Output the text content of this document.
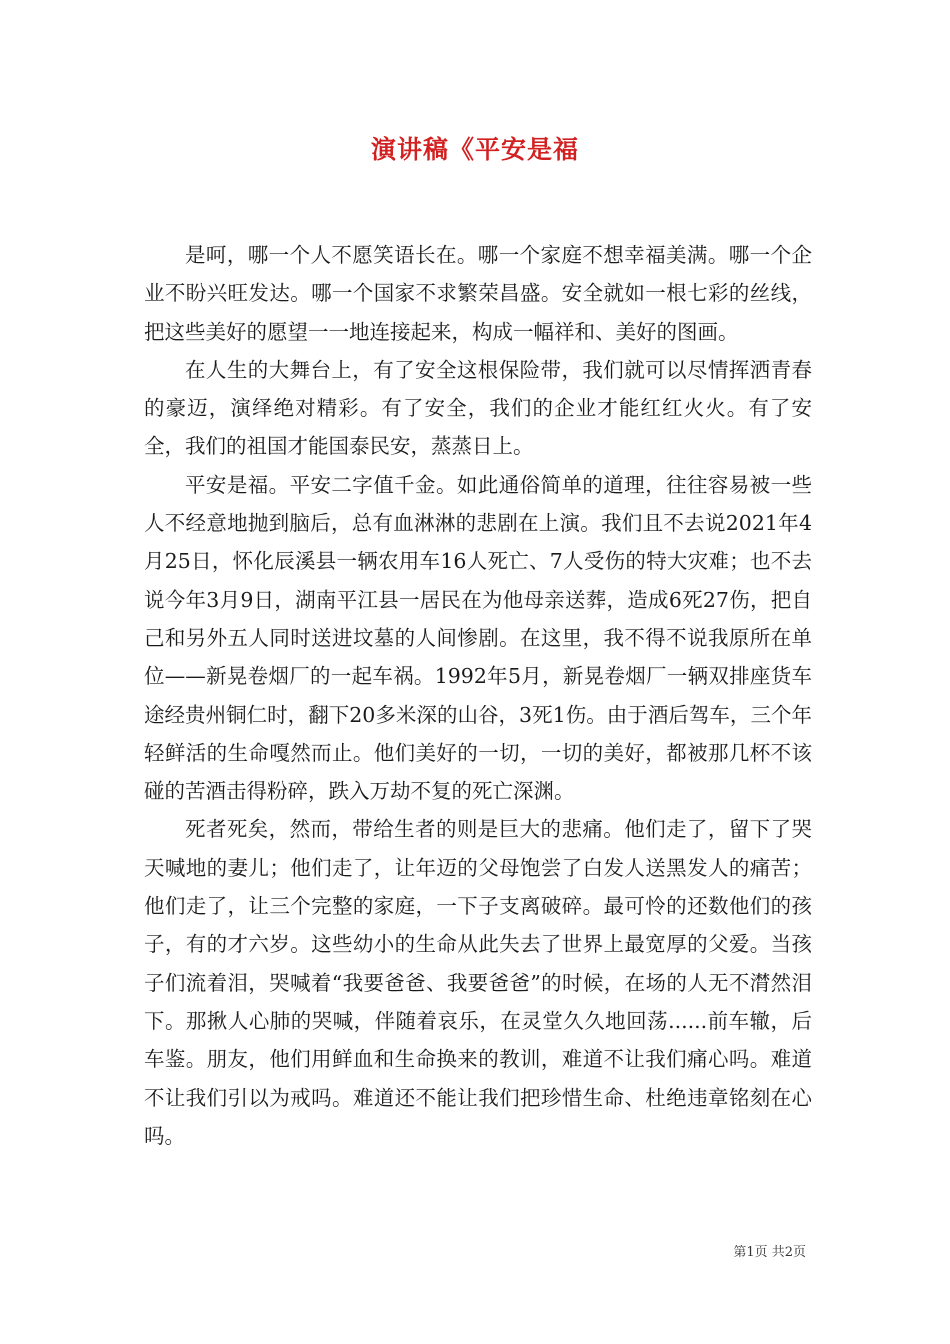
演讲稿《平安是福

是呵，哪一个人不愿笑语长在。哪一个家庭不想幸福美满。哪一个企业不盼兴旺发达。哪一个国家不求繁荣昌盛。安全就如一根七彩的丝线，把这些美好的愿望一一地连接起来，构成一幅祥和、美好的图画。

在人生的大舞台上，有了安全这根保险带，我们就可以尽情挥洒青春的豪迈，演绎绝对精彩。有了安全，我们的企业才能红红火火。有了安全，我们的祖国才能国泰民安，蒸蒸日上。

平安是福。平安二字值千金。如此通俗简单的道理，往往容易被一些人不经意地抛到脑后，总有血淋淋的悲剧在上演。我们且不去说2021年4月25日，怀化辰溪县一辆农用车16人死亡、7人受伤的特大灾难；也不去说今年3月9日，湖南平江县一居民在为他母亲送葬，造成6死27伤，把自己和另外五人同时送进坟墓的人间惨剧。在这里，我不得不说我原所在单位——新晃卷烟厂的一起车祸。1992年5月，新晃卷烟厂一辆双排座货车途经贵州铜仁时，翻下20多米深的山谷，3死1伤。由于酒后驾车，三个年轻鲜活的生命嘎然而止。他们美好的一切，一切的美好，都被那几杯不该碰的苦酒击得粉碎，跌入万劫不复的死亡深渊。

死者死矣，然而，带给生者的则是巨大的悲痛。他们走了，留下了哭天喊地的妻儿；他们走了，让年迈的父母饱尝了白发人送黑发人的痛苦；他们走了，让三个完整的家庭，一下子支离破碎。最可怜的还数他们的孩子，有的才六岁。这些幼小的生命从此失去了世界上最宽厚的父爱。当孩子们流着泪，哭喊着“我要爸爸、我要爸爸”的时候，在场的人无不潸然泪下。那揪人心肺的哭喊，伴随着哀乐，在灵堂久久地回荡......前车辙，后车鉴。朋友，他们用鲜血和生命换来的教训，难道不让我们痛心吗。难道不让我们引以为戒吗。难道还不能让我们把珍惜生命、杜绝违章铭刻在心吗。

第1页 共2页
